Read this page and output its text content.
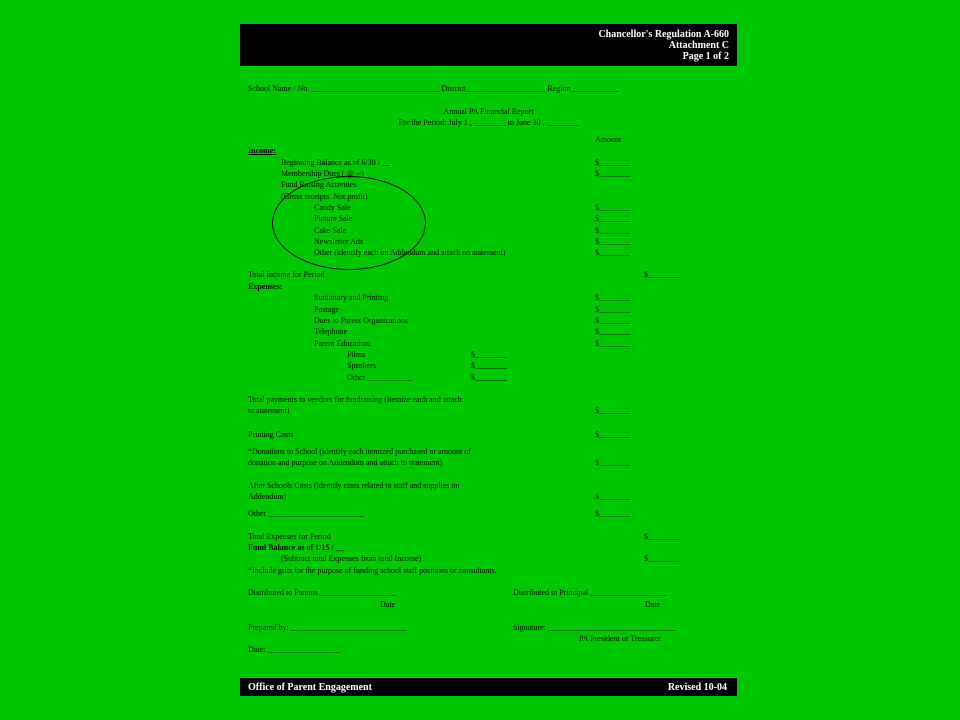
Chancellor's Regulation A-660
Attachment C
Page 1 of 2
School Name / No. ________________________________ District____________________ Region____________
Annual PA Financial Report
For the Period: July 1 , ________ to June 30 , ________
Amount
Income:
Beginning Balance as of 6/30 / __	$________
Membership Dues ( @ --)	$________
Fund Raising Activities
(Gross receipts. Not profit)
Candy Sale	$________
Picture Sale	$________
Cake Sale	$________
Newsletter Ads	$________
Other (identify each on Addendum and attach no statement)	$________
Total Income for Period	$________
Expenses:
Stationary and Printing	$________
Postage	$________
Dues to Parent Organizations	$________
Telephone	$________
Parent Education:	$________
Films	$________
Speakers	$________
Other ___________	$________
Total payments to vendors for fundraising (itemize each and attach
to statement)	$________
Printing Costs	$________
*Donations to School (identify each itemized purchased or amount of
donation and purpose on Addendum and attach to statement)	$________
After Schools Costs (identify costs related to staff and supplies on
Addendum)	$________
Other ________________________	$________
Total Expenses for Period	$________
Fund Balance as of 1/15 / __
(Subtract total Expenses from total Income)	$________
*Include gifts for the purpose of funding school staff positions or consultants.
Distributed to Parents ___________________	Distributed to Principal ___________________
Date	Date
Prepared by: _____________________________	Signature: ________________________________
PA President or Treasurer
Date: __________________
Office of Parent Engagement	Revised 10-04
